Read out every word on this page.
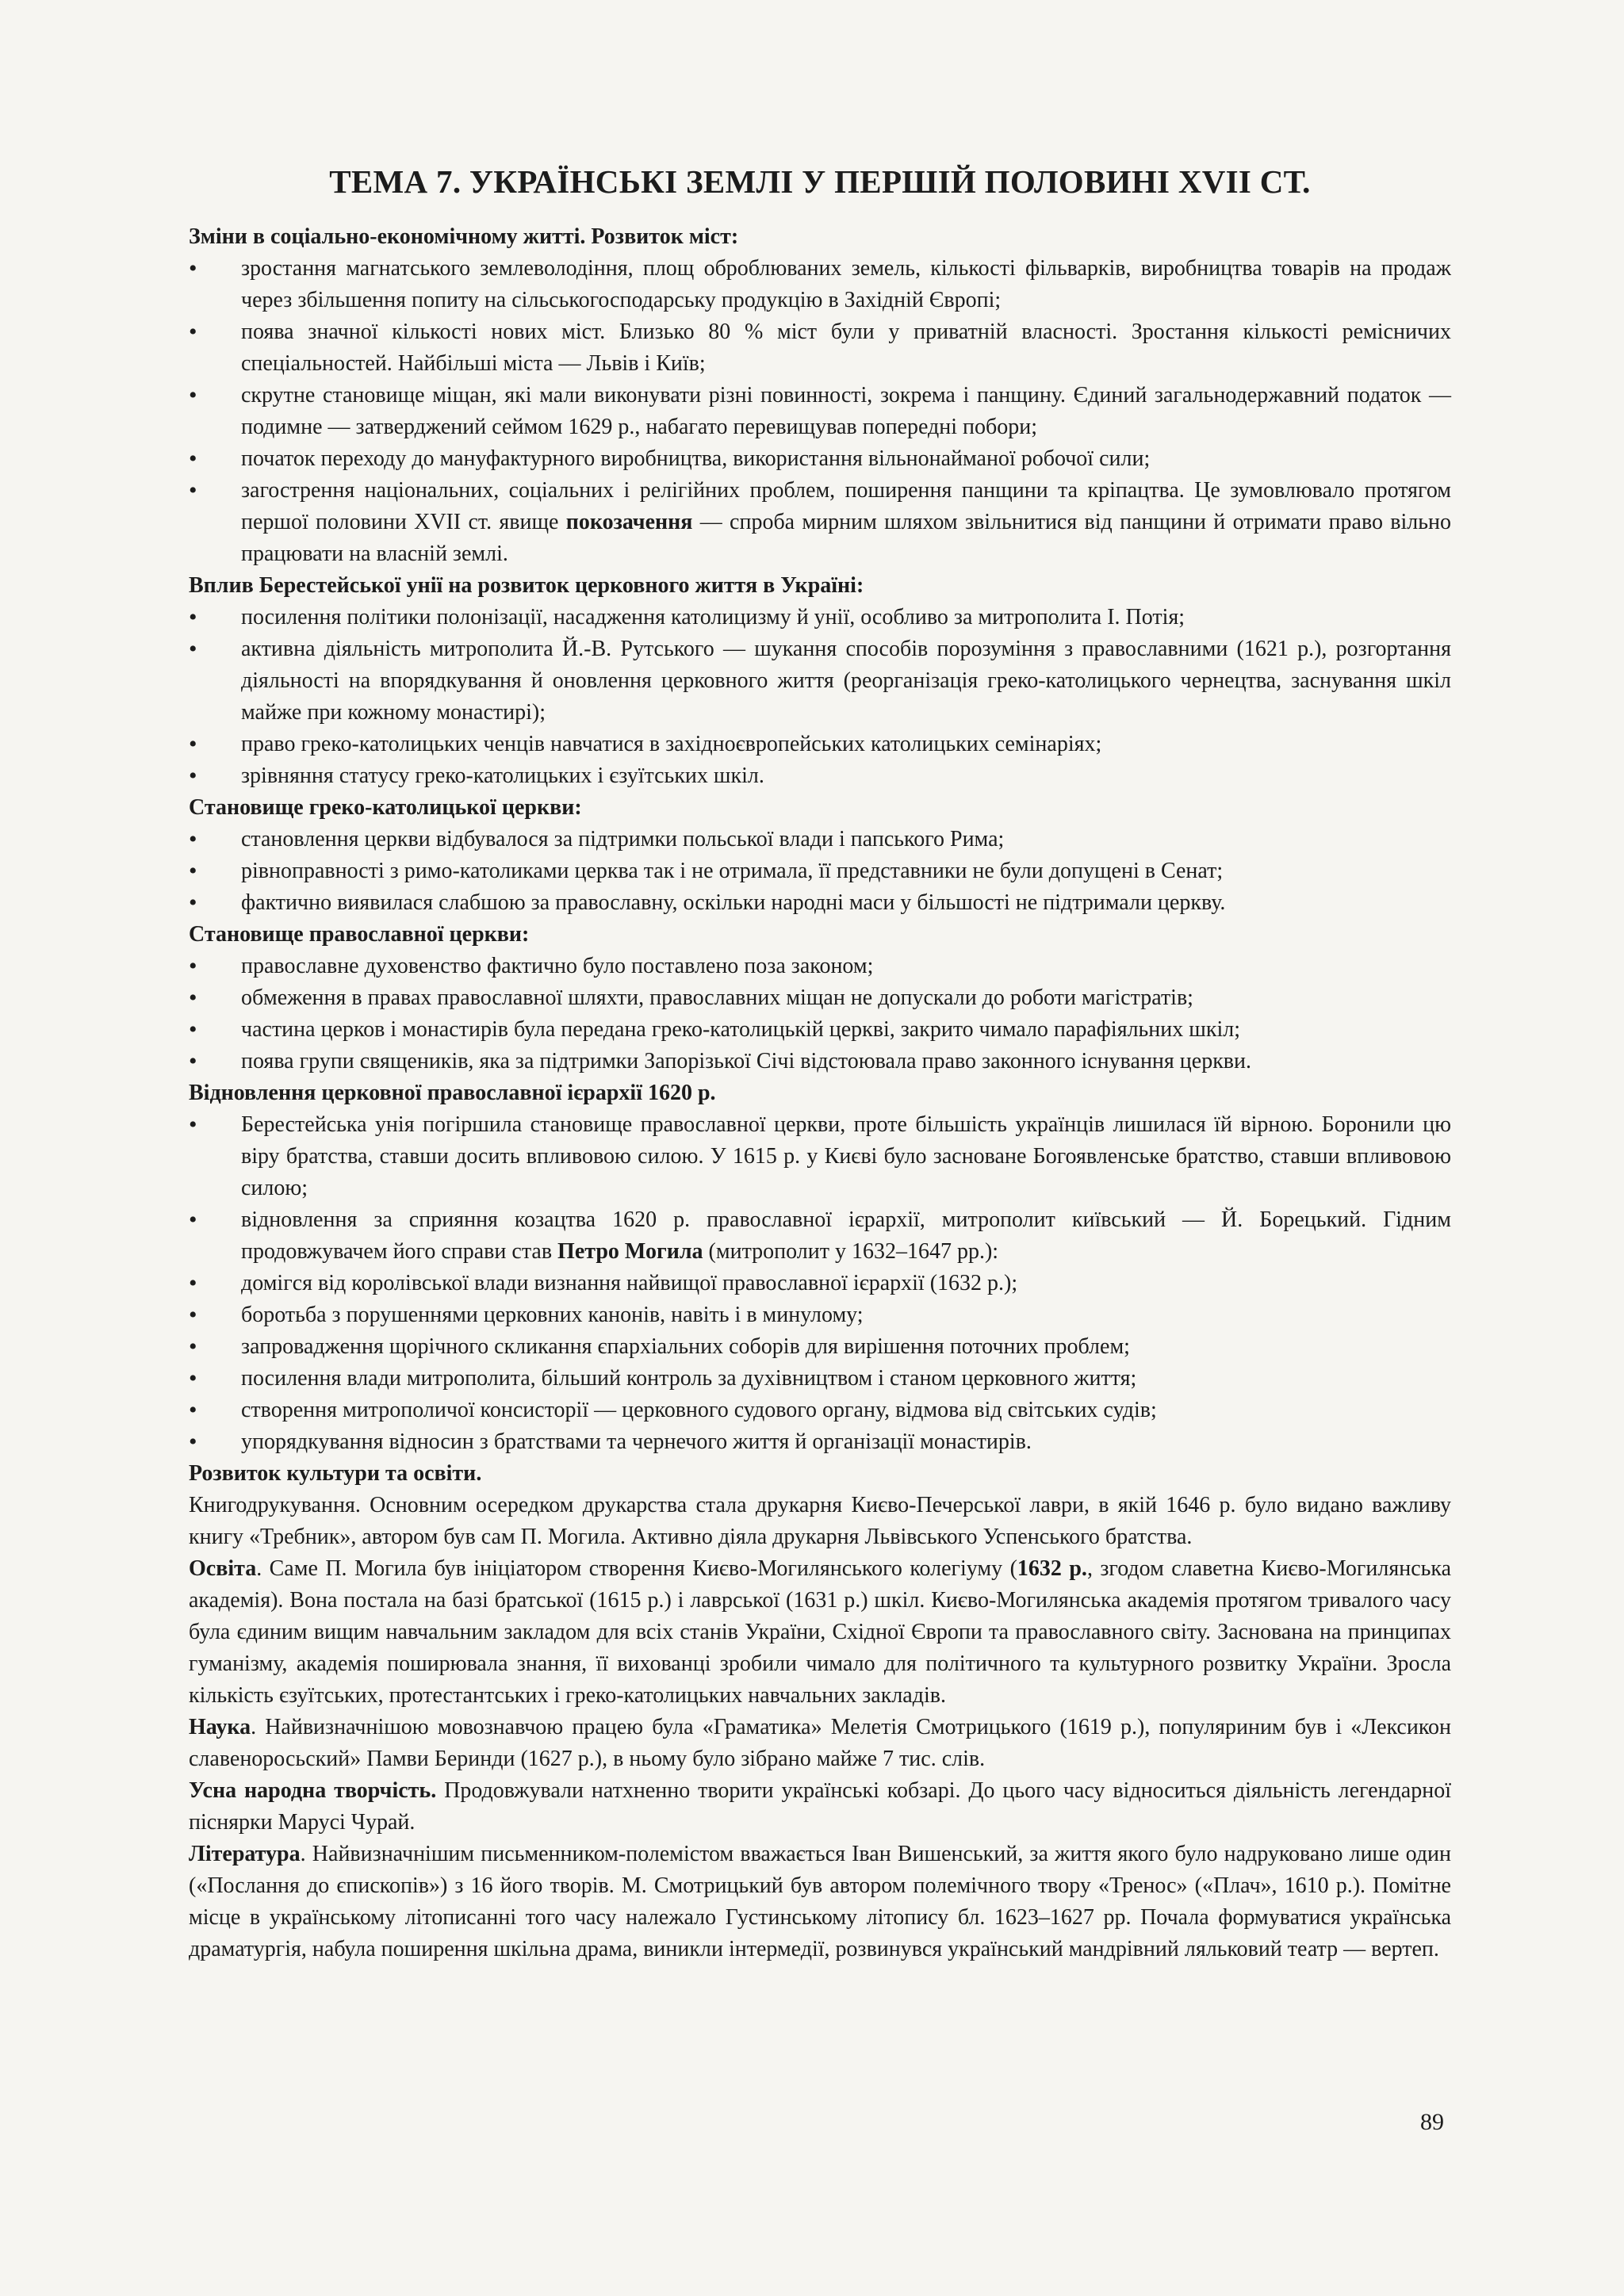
ТЕМА 7. УКРАЇНСЬКІ ЗЕМЛІ У ПЕРШІЙ ПОЛОВИНІ XVII СТ.
Зміни в соціально-економічному житті. Розвиток міст:
• зростання магнатського землеволодіння, площ оброблюваних земель, кількості фільварків, виробництва товарів на продаж через збільшення попиту на сільськогосподарську продукцію в Західній Європі;
• поява значної кількості нових міст. Близько 80 % міст були у приватній власності. Зростання кількості ремісничих спеціальностей. Найбільші міста — Львів і Київ;
• скрутне становище міщан, які мали виконувати різні повинності, зокрема і панщину. Єдиний загальнодержавний податок — подимне — затверджений сеймом 1629 р., набагато перевищував попередні побори;
• початок переходу до мануфактурного виробництва, використання вільнонайманої робочої сили;
• загострення національних, соціальних і релігійних проблем, поширення панщини та кріпацтва. Це зумовлювало протягом першої половини XVII ст. явище покозачення — спроба мирним шляхом звільнитися від панщини й отримати право вільно працювати на власній землі.
Вплив Берестейської унії на розвиток церковного життя в Україні:
• посилення політики полонізації, насадження католицизму й унії, особливо за митрополита І. Потія;
• активна діяльність митрополита Й.-В. Рутського — шукання способів порозуміння з православними (1621 р.), розгортання діяльності на впорядкування й оновлення церковного життя (реорганізація греко-католицького чернецтва, заснування шкіл майже при кожному монастирі);
• право греко-католицьких ченців навчатися в західноєвропейських католицьких семінаріях;
• зрівняння статусу греко-католицьких і єзуїтських шкіл.
Становище греко-католицької церкви:
• становлення церкви відбувалося за підтримки польської влади і папського Рима;
• рівноправності з римо-католиками церква так і не отримала, її представники не були допущені в Сенат;
• фактично виявилася слабшою за православну, оскільки народні маси у більшості не підтримали церкву.
Становище православної церкви:
• православне духовенство фактично було поставлено поза законом;
• обмеження в правах православної шляхти, православних міщан не допускали до роботи магістратів;
• частина церков і монастирів була передана греко-католицькій церкві, закрито чимало парафіяльних шкіл;
• поява групи священиків, яка за підтримки Запорізької Січі відстоювала право законного існування церкви.
Відновлення церковної православної ієрархії 1620 р.
• Берестейська унія погіршила становище православної церкви, проте більшість українців лишилася їй вірною. Боронили цю віру братства, ставши досить впливовою силою. У 1615 р. у Києві було засноване Богоявленське братство, ставши впливовою силою;
• відновлення за сприяння козацтва 1620 р. православної ієрархії, митрополит київський — Й. Борецький. Гідним продовжувачем його справи став Петро Могила (митрополит у 1632–1647 рр.):
• домігся від королівської влади визнання найвищої православної ієрархії (1632 р.);
• боротьба з порушеннями церковних канонів, навіть і в минулому;
• запровадження щорічного скликання єпархіальних соборів для вирішення поточних проблем;
• посилення влади митрополита, більший контроль за духівництвом і станом церковного життя;
• створення митрополичої консисторії — церковного судового органу, відмова від світських судів;
• упорядкування відносин з братствами та чернечого життя й організації монастирів.
Розвиток культури та освіти.

Книгодрукування. Основним осередком друкарства стала друкарня Києво-Печерської лаври, в якій 1646 р. було видано важливу книгу «Требник», автором був сам П. Могила. Активно діяла друкарня Львівського Успенського братства.

Освіта. Саме П. Могила був ініціатором створення Києво-Могилянського колегіуму (1632 р., згодом славетна Києво-Могилянська академія). Вона постала на базі братської (1615 р.) і лаврської (1631 р.) шкіл. Києво-Могилянська академія протягом тривалого часу була єдиним вищим навчальним закладом для всіх станів України, Східної Європи та православного світу. Заснована на принципах гуманізму, академія поширювала знання, її вихованці зробили чимало для політичного та культурного розвитку України. Зросла кількість єзуїтських, протестантських і греко-католицьких навчальних закладів.

Наука. Найвизначнішою мовознавчою працею була «Граматика» Мелетія Смотрицького (1619 р.), популяриним був і «Лексикон славеноросьский» Памви Беринди (1627 р.), в ньому було зібрано майже 7 тис. слів.

Усна народна творчість. Продовжували натхненно творити українські кобзарі. До цього часу відноситься діяльність легендарної піснярки Марусі Чурай.

Література. Найвизначнішим письменником-полемістом вважається Іван Вишенський, за життя якого було надруковано лише один («Послання до єпископів») з 16 його творів. М. Смотрицький був автором полемічного твору «Тренос» («Плач», 1610 р.). Помітне місце в українському літописанні того часу належало Густинському літопису бл. 1623–1627 рр. Почала формуватися українська драматургія, набула поширення шкільна драма, виникли інтермедії, розвинувся український мандрівний ляльковий театр — вертеп.

89
